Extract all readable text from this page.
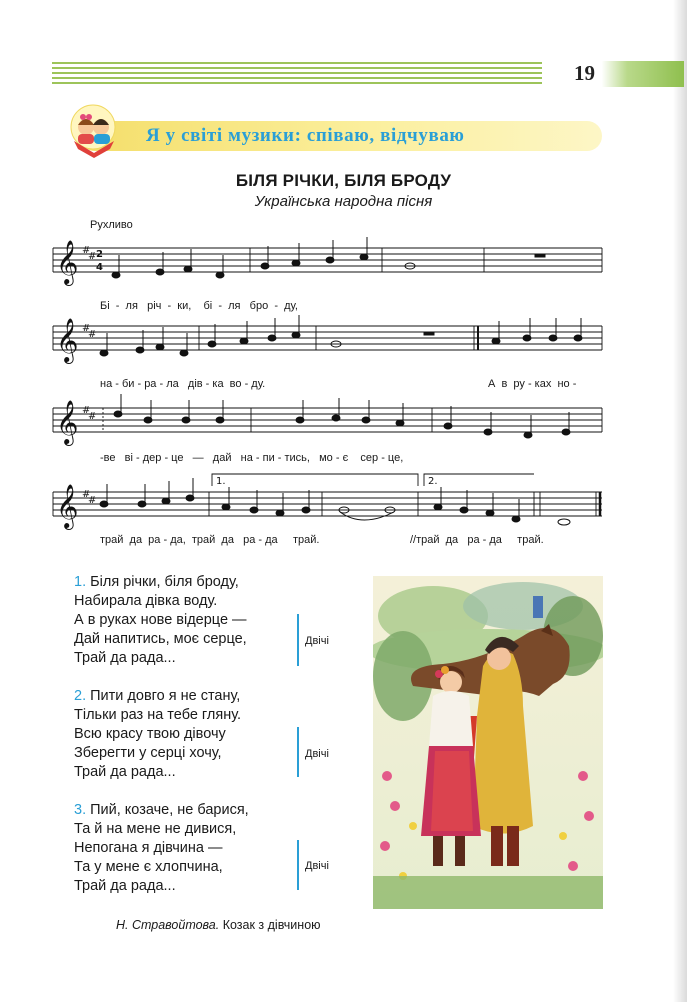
19
Я у світі музики: співаю, відчуваю
БІЛЯ РІЧКИ, БІЛЯ БРОДУ
Українська народна пісня
Рухливо
𝄞
𝄞
𝄞
𝄞
#
#
#
#
#
#
#
#
2
4
1.	2.
Бі  -  ля   річ  -  ки,    бі  -  ля   бро  -  ду,
на - би - ра - ла   дів - ка  во - ду.	А  в  ру - ках  но -
-ве   ві - дер - це   —   дай   на - пи - тись,   мо - є    сер - це,
трай  да  ра - да,  трай  да   ра - да     трай.	//трай  да   ра - да     трай.
1. Біля річки, біля броду,
Набирала дівка воду.
А в руках нове відерце —
Дай напитись, моє серце,
Трай да рада...
Двічі
2. Пити довго я не стану,
Тільки раз на тебе гляну.
Всю красу твою дівочу
Зберегти у серці хочу,
Трай да рада...
Двічі
3. Пий, козаче, не барися,
Та й на мене не дивися,
Непогана я дівчина —
Та у мене є хлопчина,
Трай да рада...
Двічі
Н. Стравойтова. Козак з дівчиною
